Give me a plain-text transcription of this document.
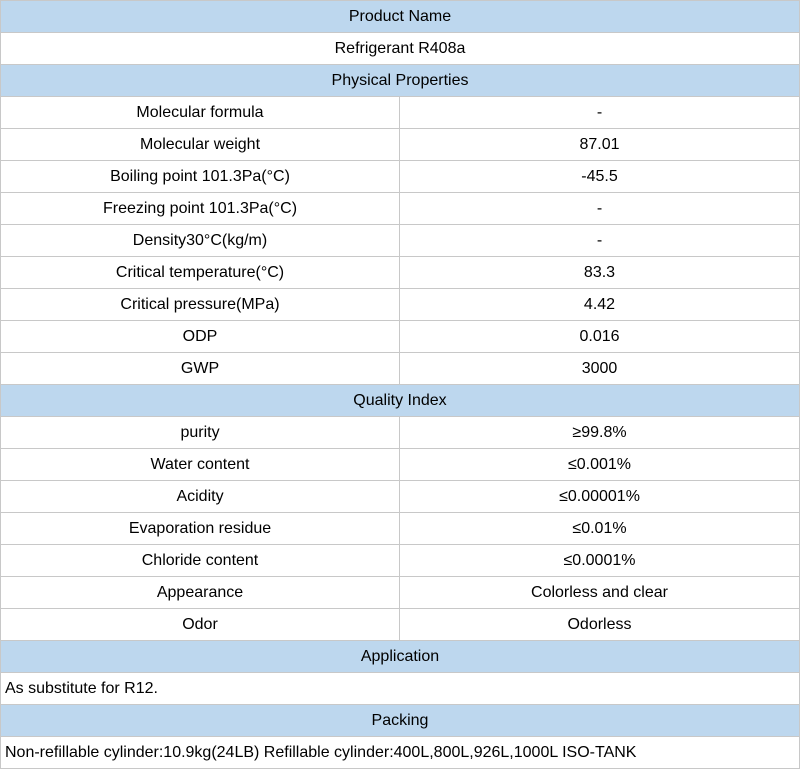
Product Name
Refrigerant R408a
Physical Properties
Molecular formula	-
Molecular weight	87.01
Boiling point 101.3Pa(°C)	-45.5
Freezing point 101.3Pa(°C)	-
Density30°C(kg/m)	-
Critical temperature(°C)	83.3
Critical pressure(MPa)	4.42
ODP	0.016
GWP	3000
Quality Index
purity	≥99.8%
Water content	≤0.001%
Acidity	≤0.00001%
Evaporation residue	≤0.01%
Chloride content	≤0.0001%
Appearance	Colorless and clear
Odor	Odorless
Application
As substitute for R12.
Packing
Non-refillable cylinder:10.9kg(24LB) Refillable cylinder:400L,800L,926L,1000L ISO-TANK
